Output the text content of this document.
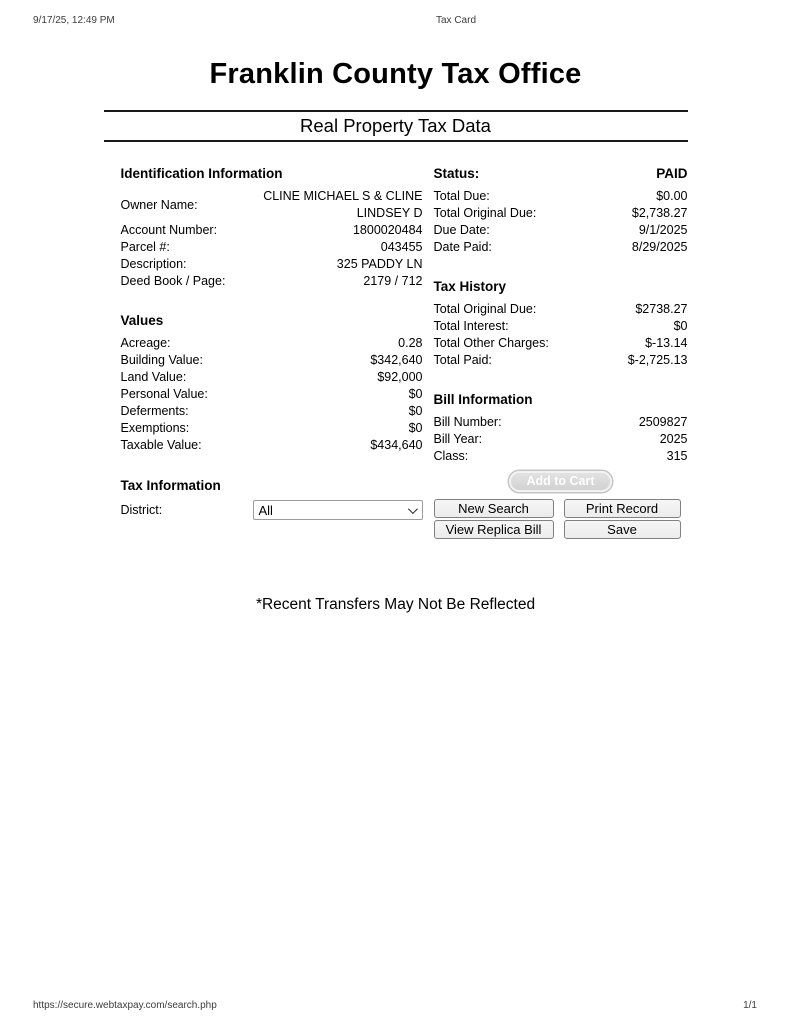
9/17/25, 12:49 PM	Tax Card
Franklin County Tax Office
Real Property Tax Data
Identification Information
Owner Name:
CLINE MICHAEL S & CLINE
LINDSEY D
Account Number:	1800020484
Parcel #:	043455
Description:	325 PADDY LN
Deed Book / Page:	2179 / 712
Values
Acreage:	0.28
Building Value:	$342,640
Land Value:	$92,000
Personal Value:	$0
Deferments:	$0
Exemptions:	$0
Taxable Value:	$434,640
Tax Information
District:	All
Status:	PAID
Total Due:	$0.00
Total Original Due:	$2,738.27
Due Date:	9/1/2025
Date Paid:	8/29/2025
Tax History
Total Original Due:	$2738.27
Total Interest:	$0
Total Other Charges:	$-13.14
Total Paid:	$-2,725.13
Bill Information
Bill Number:	2509827
Bill Year:	2025
Class:	315
Add to Cart
New Search	Print Record
View Replica Bill	Save
*Recent Transfers May Not Be Reflected
https://secure.webtaxpay.com/search.php	1/1
